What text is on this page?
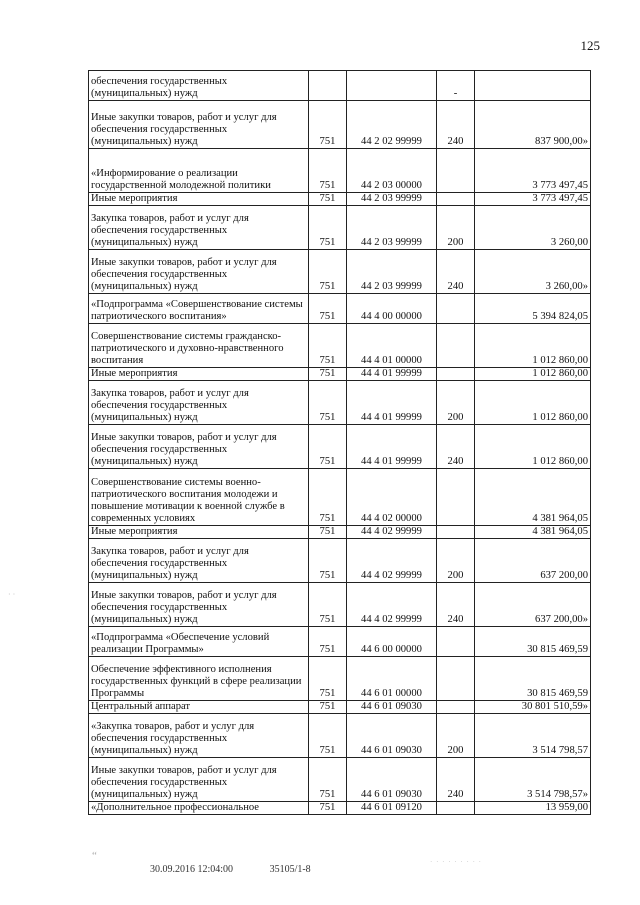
125
обеспечения государственных (муниципальных) нужд			-	
Иные закупки товаров, работ и услуг для обеспечения государственных (муниципальных) нужд	751	44 2 02 99999	240	837 900,00»
«Информирование о реализации государственной молодежной политики	751	44 2 03 00000		3 773 497,45
Иные мероприятия	751	44 2 03 99999		3 773 497,45
Закупка товаров, работ и услуг для обеспечения государственных (муниципальных) нужд	751	44 2 03 99999	200	3 260,00
Иные закупки товаров, работ и услуг для обеспечения государственных (муниципальных) нужд	751	44 2 03 99999	240	3 260,00»
«Подпрограмма «Совершенствование системы патриотического воспитания»	751	44 4 00 00000		5 394 824,05
Совершенствование системы гражданско-патриотического и духовно-нравственного воспитания	751	44 4 01 00000		1 012 860,00
Иные мероприятия	751	44 4 01 99999		1 012 860,00
Закупка товаров, работ и услуг для обеспечения государственных (муниципальных) нужд	751	44 4 01 99999	200	1 012 860,00
Иные закупки товаров, работ и услуг для обеспечения государственных (муниципальных) нужд	751	44 4 01 99999	240	1 012 860,00
Совершенствование системы военно-патриотического воспитания молодежи и повышение мотивации к военной службе в современных условиях	751	44 4 02 00000		4 381 964,05
Иные мероприятия	751	44 4 02 99999		4 381 964,05
Закупка товаров, работ и услуг для обеспечения государственных (муниципальных) нужд	751	44 4 02 99999	200	637 200,00
Иные закупки товаров, работ и услуг для обеспечения государственных (муниципальных) нужд	751	44 4 02 99999	240	637 200,00»
«Подпрограмма «Обеспечение условий реализации Программы»	751	44 6 00 00000		30 815 469,59
Обеспечение эффективного исполнения государственных функций в сфере реализации Программы	751	44 6 01 00000		30 815 469,59
Центральный аппарат	751	44 6 01 09030		30 801 510,59»
«Закупка товаров, работ и услуг для обеспечения государственных (муниципальных) нужд	751	44 6 01 09030	200	3 514 798,57
Иные закупки товаров, работ и услуг для обеспечения государственных (муниципальных) нужд	751	44 6 01 09030	240	3 514 798,57»
«Дополнительное профессиональное	751	44 6 01 09120		13 959,00
· ·
“
30.09.2016 12:04:00	35105/1-8
· · · · · · · · ·
